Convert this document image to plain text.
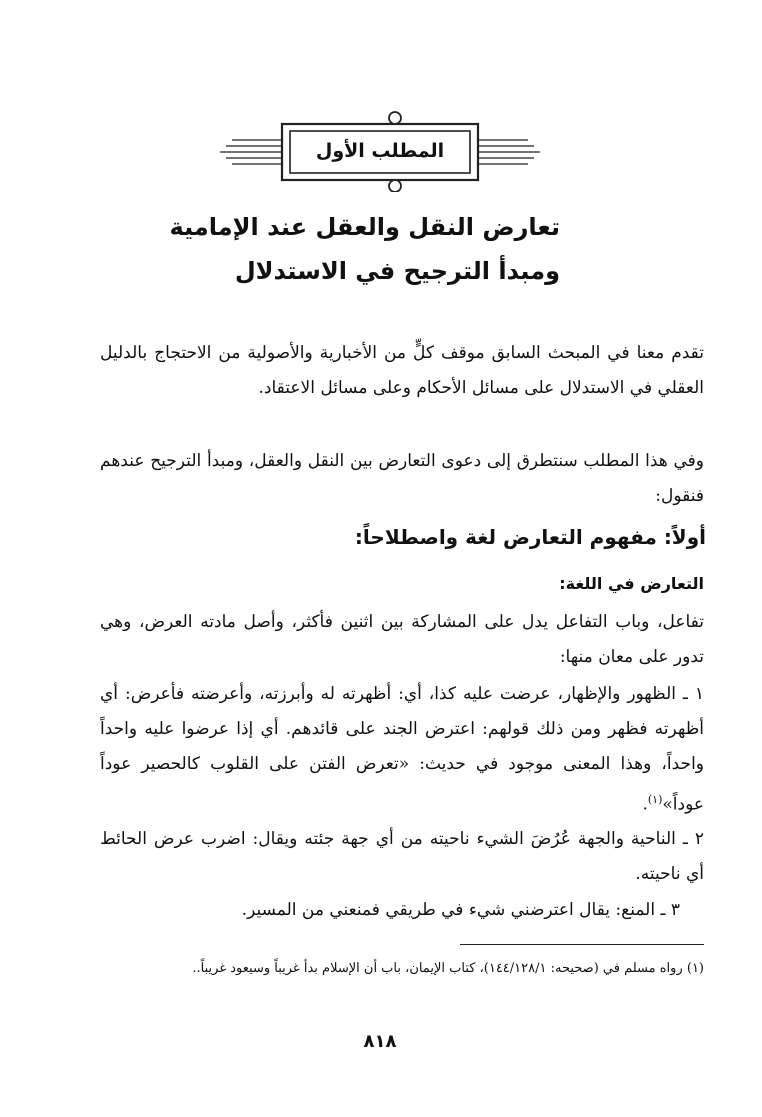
المطلب الأول
تعارض النقل والعقل عند الإمامية
ومبدأ الترجيح في الاستدلال
تقدم معنا في المبحث السابق موقف كلٍّ من الأخبارية والأصولية من الاحتجاج بالدليل العقلي في الاستدلال على مسائل الأحكام وعلى مسائل الاعتقاد.
وفي هذا المطلب سنتطرق إلى دعوى التعارض بين النقل والعقل، ومبدأ الترجيح عندهم فنقول:
أولاً: مفهوم التعارض لغة واصطلاحاً:
التعارض في اللغة:
تفاعل، وباب التفاعل يدل على المشاركة بين اثنين فأكثر، وأصل مادته العرض، وهي تدور على معان منها:
١ ـ الظهور والإظهار، عرضت عليه كذا، أي: أظهرته له وأبرزته، وأعرضته فأعرض: أي أظهرته فظهر ومن ذلك قولهم: اعترض الجند على قائدهم. أي إذا عرضوا عليه واحداً واحداً، وهذا المعنى موجود في حديث: «تعرض الفتن على القلوب كالحصير عوداً عوداً»$^{(١)}$.
٢ ـ الناحية والجهة عُرُضَ الشيء ناحيته من أي جهة جئته ويقال: اضرب عرض الحائط أي ناحيته.
٣ ـ المنع: يقال اعترضني شيء في طريقي فمنعني من المسير.
(١) رواه مسلم في (صحيحه: ١٤٤/١٢٨/١)، كتاب الإيمان، باب أن الإسلام بدأ غريباً وسيعود غريباً..
٨١٨
